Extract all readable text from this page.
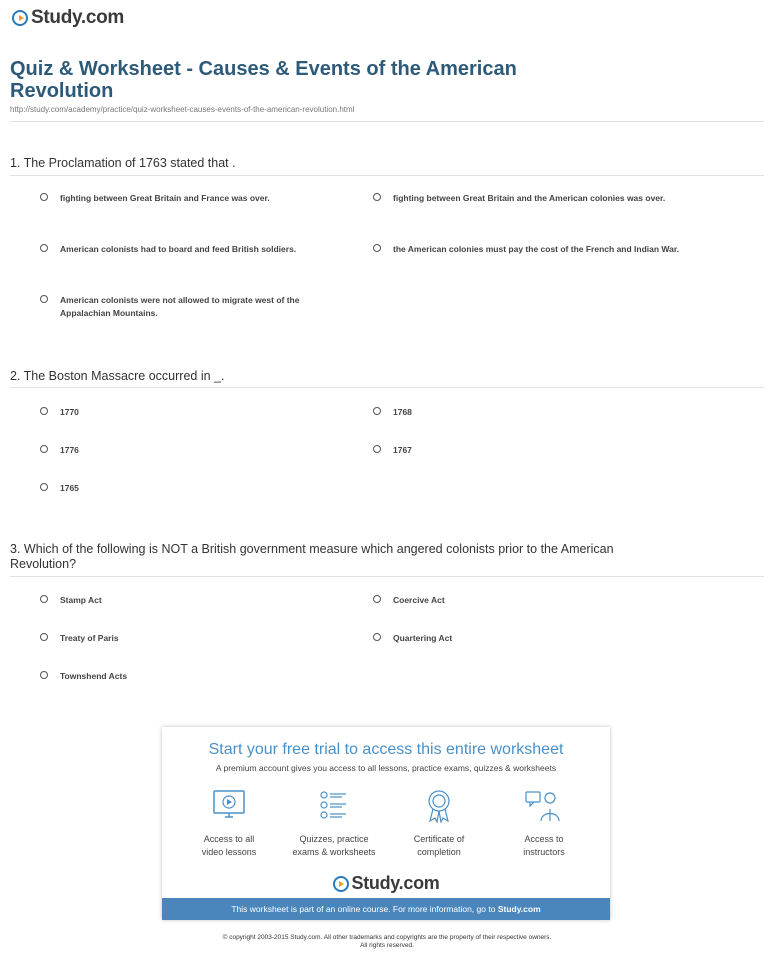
Study.com
Quiz & Worksheet - Causes & Events of the American Revolution
http://study.com/academy/practice/quiz-worksheet-causes-events-of-the-american-revolution.html
1. The Proclamation of 1763 stated that .
fighting between Great Britain and France was over.	fighting between Great Britain and the American colonies was over.
American colonists had to board and feed British soldiers.	the American colonies must pay the cost of the French and Indian War.
American colonists were not allowed to migrate west of the Appalachian Mountains.
2. The Boston Massacre occurred in _.
1770	1768
1776	1767
1765
3. Which of the following is NOT a British government measure which angered colonists prior to the American Revolution?
Stamp Act	Coercive Act
Treaty of Paris	Quartering Act
Townshend Acts
Start your free trial to access this entire worksheet
A premium account gives you access to all lessons, practice exams, quizzes & worksheets
Access to all
video lessons
Quizzes, practice
exams & worksheets
Certificate of
completion
Access to
instructors
Study.com
This worksheet is part of an online course. For more information, go to Study.com
© copyright 2003-2015 Study.com. All other trademarks and copyrights are the property of their respective owners.
All rights reserved.
